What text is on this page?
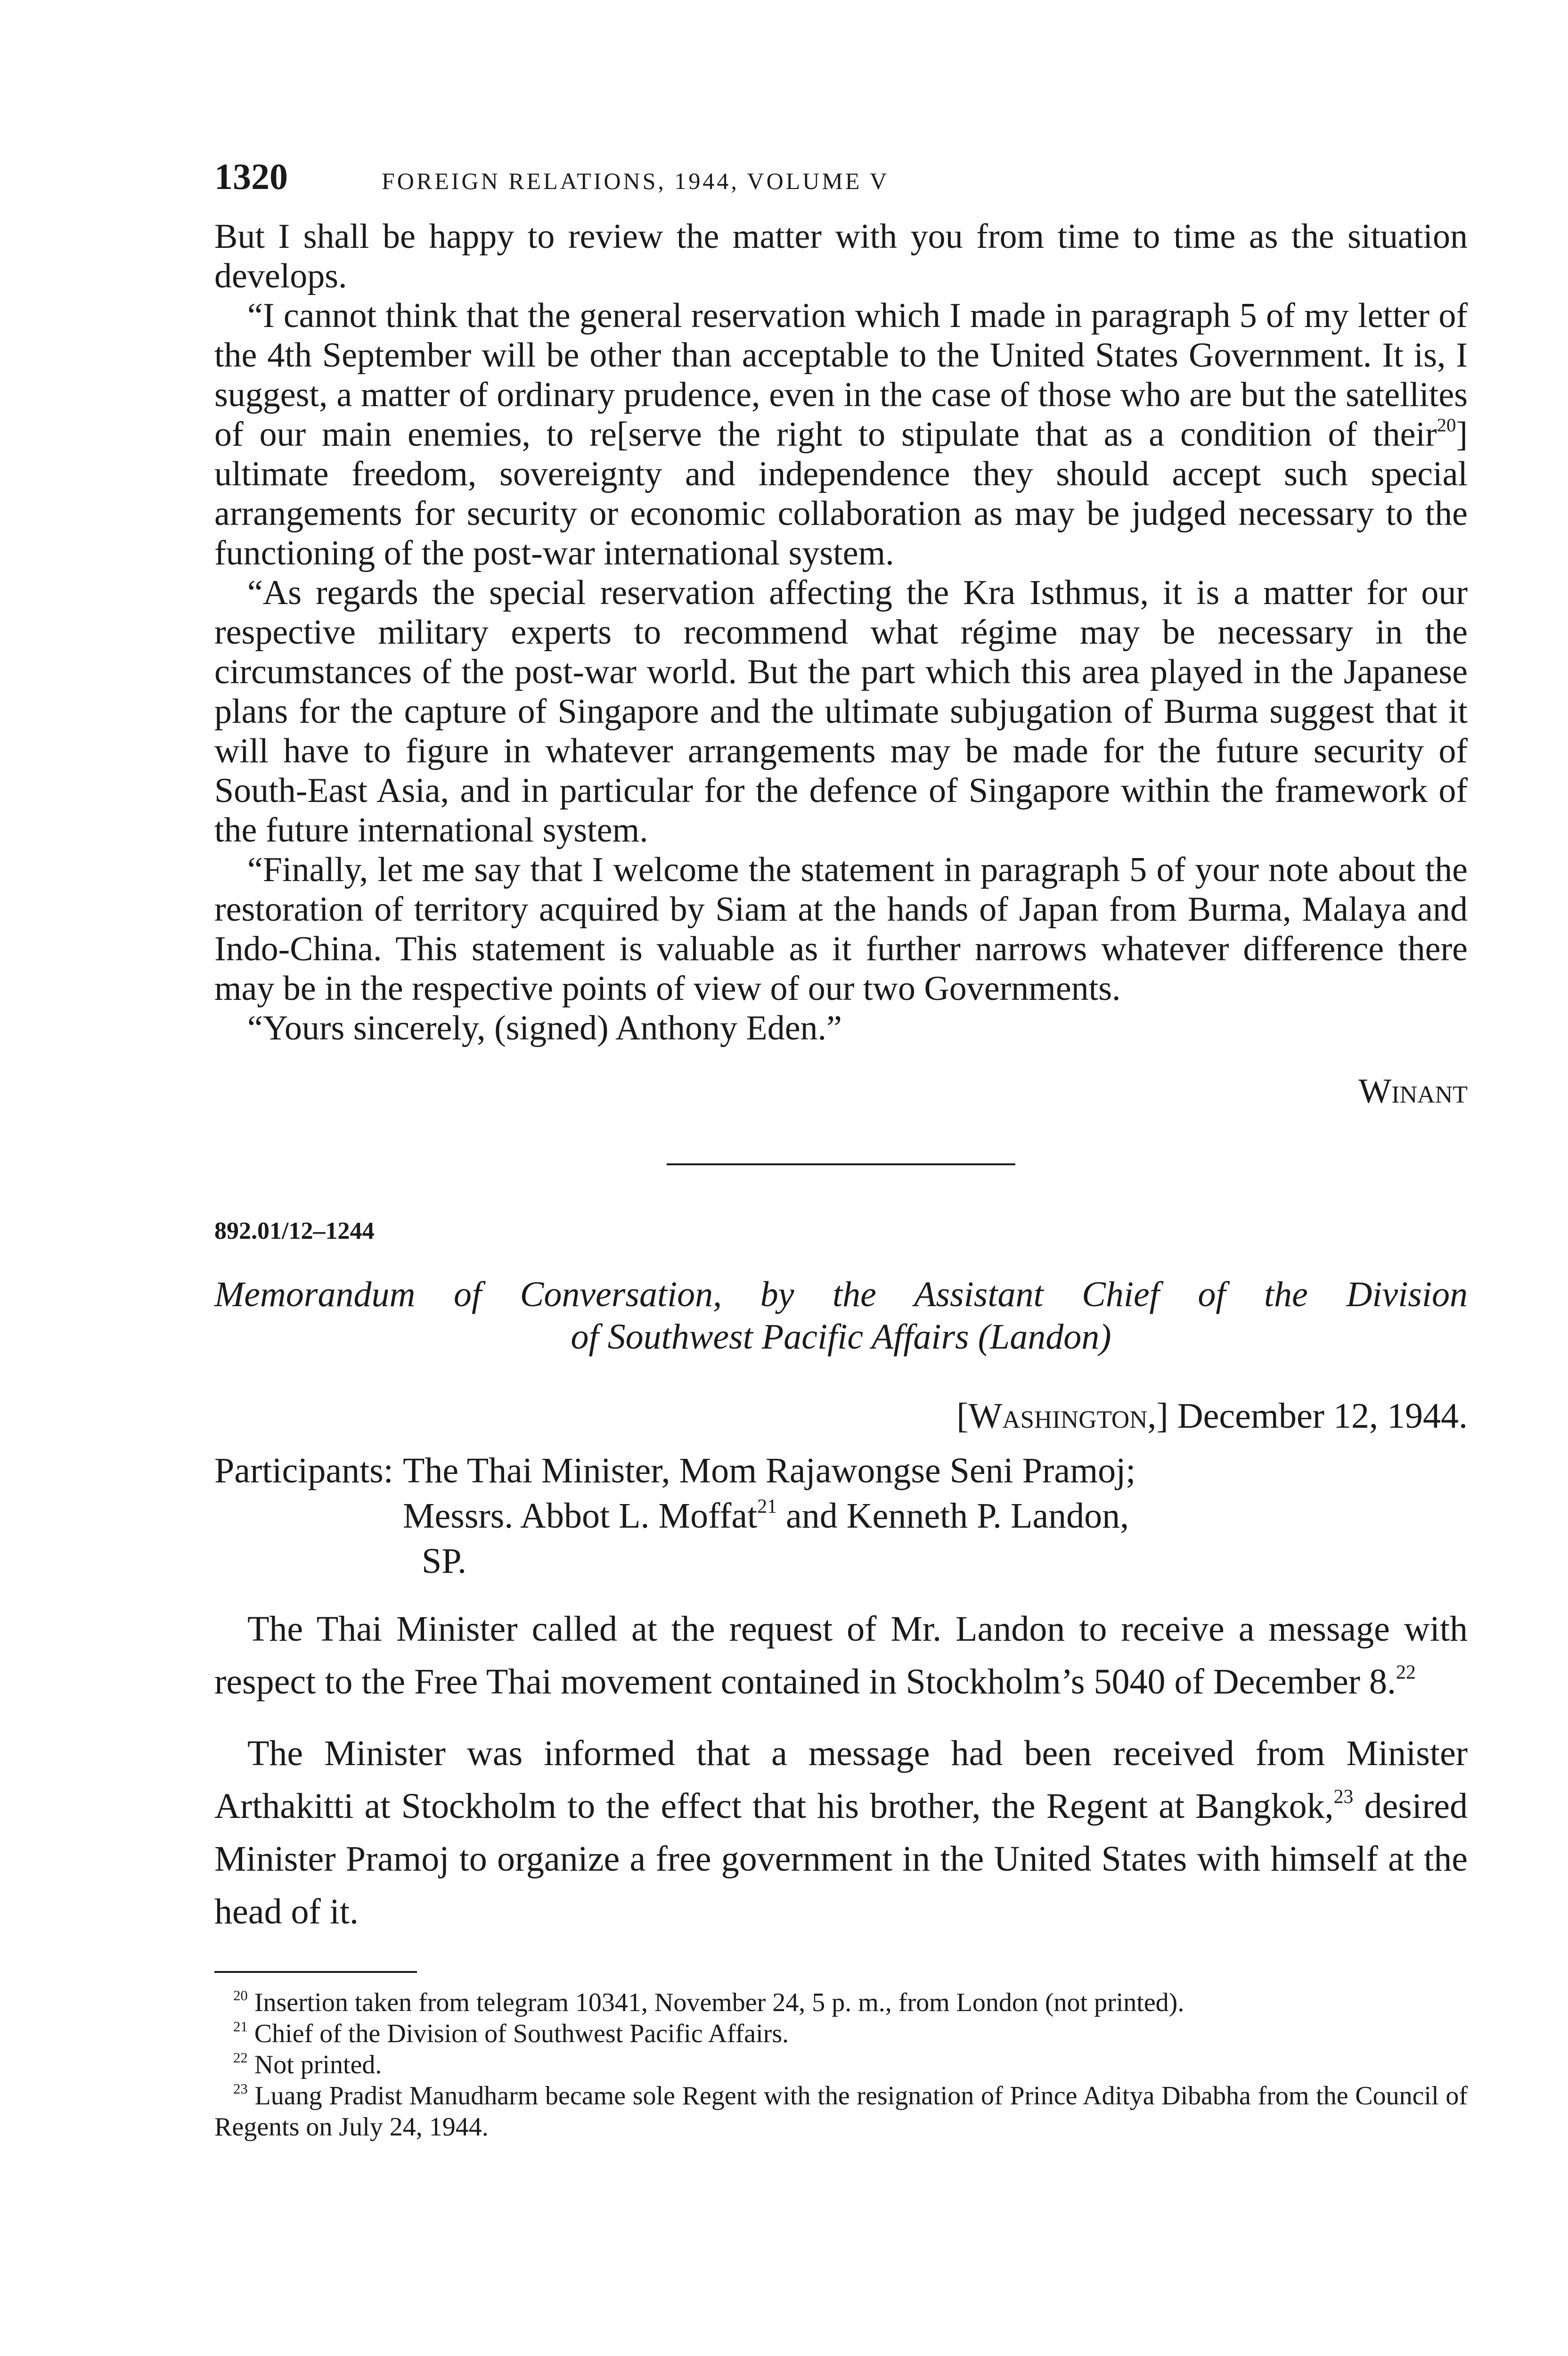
1320	FOREIGN RELATIONS, 1944, VOLUME V

But I shall be happy to review the matter with you from time to time as the situation develops.

“I cannot think that the general reservation which I made in paragraph 5 of my letter of the 4th September will be other than acceptable to the United States Government. It is, I suggest, a matter of ordinary prudence, even in the case of those who are but the satellites of our main enemies, to re[serve the right to stipulate that as a condition of their$^{20}$] ultimate freedom, sovereignty and independence they should accept such special arrangements for security or economic collaboration as may be judged necessary to the functioning of the post-war international system.

“As regards the special reservation affecting the Kra Isthmus, it is a matter for our respective military experts to recommend what régime may be necessary in the circumstances of the post-war world. But the part which this area played in the Japanese plans for the capture of Singapore and the ultimate subjugation of Burma suggest that it will have to figure in whatever arrangements may be made for the future security of South-East Asia, and in particular for the defence of Singapore within the framework of the future international system.

“Finally, let me say that I welcome the statement in paragraph 5 of your note about the restoration of territory acquired by Siam at the hands of Japan from Burma, Malaya and Indo-China. This statement is valuable as it further narrows whatever difference there may be in the respective points of view of our two Governments.

“Yours sincerely, (signed) Anthony Eden.”

Winant
892.01/12–1244
Memorandum of Conversation, by the Assistant Chief of the Division
of Southwest Pacific Affairs (Landon)
[Washington,] December 12, 1944.
Participants: The Thai Minister, Mom Rajawongse Seni Pramoj;
Messrs. Abbot L. Moffat$^{21}$ and Kenneth P. Landon,
SP.

The Thai Minister called at the request of Mr. Landon to receive a message with respect to the Free Thai movement contained in Stockholm’s 5040 of December 8.22

The Minister was informed that a message had been received from Minister Arthakitti at Stockholm to the effect that his brother, the Regent at Bangkok,$^{23}$ desired Minister Pramoj to organize a free government in the United States with himself at the head of it.

$^{20}$ Insertion taken from telegram 10341, November 24, 5 p. m., from London (not printed).

$^{21}$ Chief of the Division of Southwest Pacific Affairs.

$^{22}$ Not printed.

$^{23}$ Luang Pradist Manudharm became sole Regent with the resignation of Prince Aditya Dibabha from the Council of Regents on July 24, 1944.
